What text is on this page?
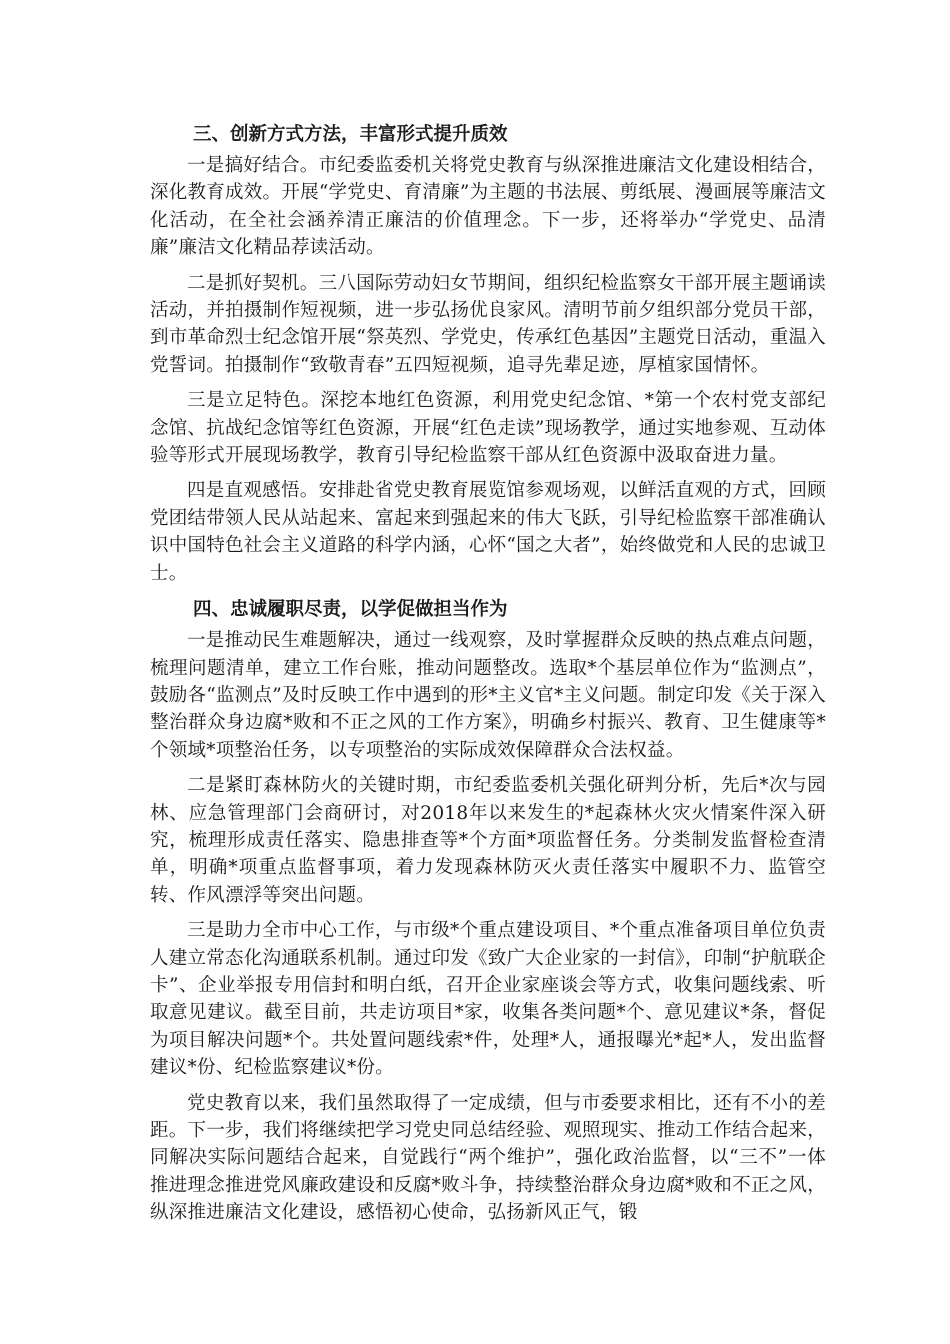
三、创新方式方法，丰富形式提升质效

一是搞好结合。市纪委监委机关将党史教育与纵深推进廉洁文化建设相结合，深化教育成效。开展“学党史、育清廉”为主题的书法展、剪纸展、漫画展等廉洁文化活动，在全社会涵养清正廉洁的价值理念。下一步，还将举办“学党史、品清廉”廉洁文化精品荐读活动。

二是抓好契机。三八国际劳动妇女节期间，组织纪检监察女干部开展主题诵读活动，并拍摄制作短视频，进一步弘扬优良家风。清明节前夕组织部分党员干部，到市革命烈士纪念馆开展“祭英烈、学党史，传承红色基因”主题党日活动，重温入党誓词。拍摄制作“致敬青春”五四短视频，追寻先辈足迹，厚植家国情怀。

三是立足特色。深挖本地红色资源，利用党史纪念馆、*第一个农村党支部纪念馆、抗战纪念馆等红色资源，开展“红色走读”现场教学，通过实地参观、互动体验等形式开展现场教学，教育引导纪检监察干部从红色资源中汲取奋进力量。

四是直观感悟。安排赴省党史教育展览馆参观场观，以鲜活直观的方式，回顾党团结带领人民从站起来、富起来到强起来的伟大飞跃，引导纪检监察干部准确认识中国特色社会主义道路的科学内涵，心怀“国之大者”，始终做党和人民的忠诚卫士。

四、忠诚履职尽责，以学促做担当作为

一是推动民生难题解决，通过一线观察，及时掌握群众反映的热点难点问题，梳理问题清单，建立工作台账，推动问题整改。选取*个基层单位作为“监测点”，鼓励各“监测点”及时反映工作中遇到的形*主义官*主义问题。制定印发《关于深入整治群众身边腐*败和不正之风的工作方案》，明确乡村振兴、教育、卫生健康等*个领域*项整治任务，以专项整治的实际成效保障群众合法权益。

二是紧盯森林防火的关键时期，市纪委监委机关强化研判分析，先后*次与园林、应急管理部门会商研讨，对2018年以来发生的*起森林火灾火情案件深入研究，梳理形成责任落实、隐患排查等*个方面*项监督任务。分类制发监督检查清单，明确*项重点监督事项，着力发现森林防灭火责任落实中履职不力、监管空转、作风漂浮等突出问题。

三是助力全市中心工作，与市级*个重点建设项目、*个重点准备项目单位负责人建立常态化沟通联系机制。通过印发《致广大企业家的一封信》，印制“护航联企卡”、企业举报专用信封和明白纸，召开企业家座谈会等方式，收集问题线索、听取意见建议。截至目前，共走访项目*家，收集各类问题*个、意见建议*条，督促为项目解决问题*个。共处置问题线索*件，处理*人，通报曝光*起*人，发出监督建议*份、纪检监察建议*份。

党史教育以来，我们虽然取得了一定成绩，但与市委要求相比，还有不小的差距。下一步，我们将继续把学习党史同总结经验、观照现实、推动工作结合起来，同解决实际问题结合起来，自觉践行“两个维护”，强化政治监督，以“三不”一体推进理念推进党风廉政建设和反腐*败斗争，持续整治群众身边腐*败和不正之风，纵深推进廉洁文化建设，感悟初心使命，弘扬新风正气，锻
